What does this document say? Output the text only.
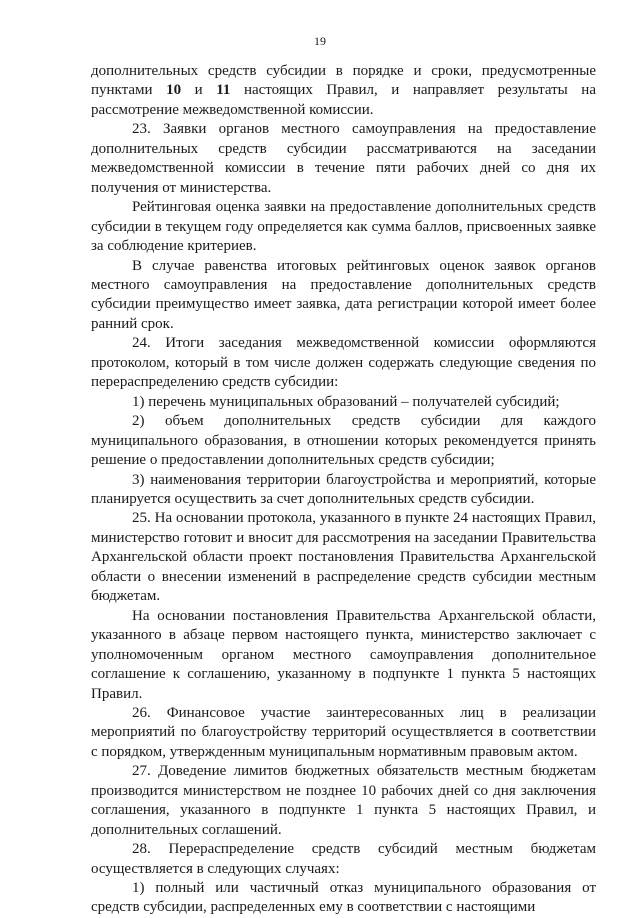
19

дополнительных средств субсидии в порядке и сроки, предусмотренные пунктами 10 и 11 настоящих Правил, и направляет результаты на рассмотрение межведомственной комиссии.

23. Заявки органов местного самоуправления на предоставление дополнительных средств субсидии рассматриваются на заседании межведомственной комиссии в течение пяти рабочих дней со дня их получения от министерства.

Рейтинговая оценка заявки на предоставление дополнительных средств субсидии в текущем году определяется как сумма баллов, присвоенных заявке за соблюдение критериев.

В случае равенства итоговых рейтинговых оценок заявок органов местного самоуправления на предоставление дополнительных средств субсидии преимущество имеет заявка, дата регистрации которой имеет более ранний срок.

24. Итоги заседания межведомственной комиссии оформляются протоколом, который в том числе должен содержать следующие сведения по перераспределению средств субсидии:

1) перечень муниципальных образований – получателей субсидий;

2) объем дополнительных средств субсидии для каждого муниципального образования, в отношении которых рекомендуется принять решение о предоставлении дополнительных средств субсидии;

3) наименования территории благоустройства и мероприятий, которые планируется осуществить за счет дополнительных средств субсидии.

25. На основании протокола, указанного в пункте 24 настоящих Правил, министерство готовит и вносит для рассмотрения на заседании Правительства Архангельской области проект постановления Правительства Архангельской области о внесении изменений в распределение средств субсидии местным бюджетам.

На основании постановления Правительства Архангельской области, указанного в абзаце первом настоящего пункта, министерство заключает с уполномоченным органом местного самоуправления дополнительное соглашение к соглашению, указанному в подпункте 1 пункта 5 настоящих Правил.

26. Финансовое участие заинтересованных лиц в реализации мероприятий по благоустройству территорий осуществляется в соответствии с порядком, утвержденным муниципальным нормативным правовым актом.

27. Доведение лимитов бюджетных обязательств местным бюджетам производится министерством не позднее 10 рабочих дней со дня заключения соглашения, указанного в подпункте 1 пункта 5 настоящих Правил, и дополнительных соглашений.

28. Перераспределение средств субсидий местным бюджетам осуществляется в следующих случаях:

1) полный или частичный отказ муниципального образования от средств субсидии, распределенных ему в соответствии с настоящими
